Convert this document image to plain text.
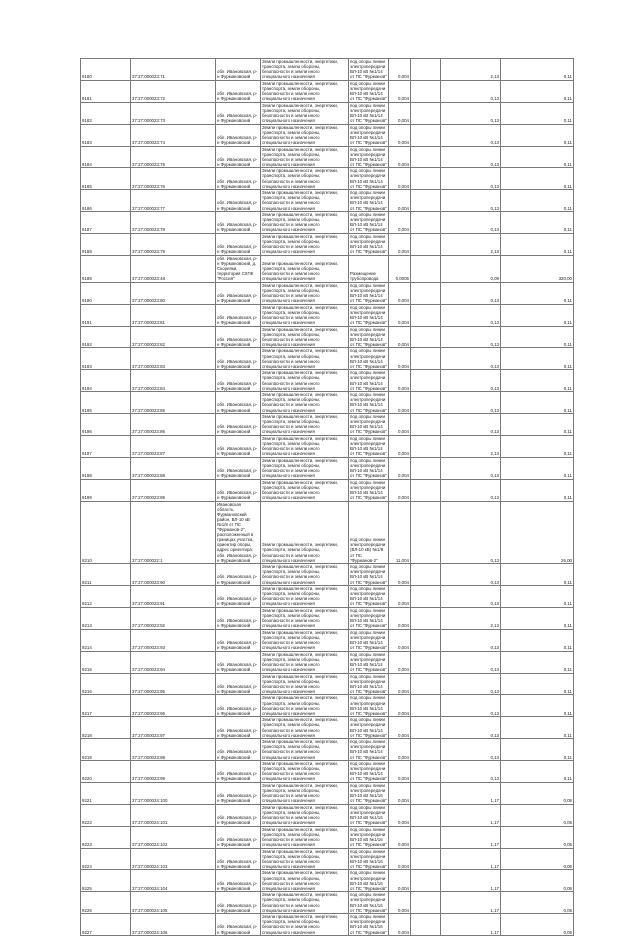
9180	37:27:000023:71	обл. Ивановская, р-н Фурмановский	Земли промышленности, энергетики, транспорта, земли обороны, безопасности и земли иного специального назначения	под опоры линии электропередачи ВЛ-10 кВ №1/14 от ПС "Фурманов"	0,004		2,13	0,11
9181	37:27:000023:72	обл. Ивановская, р-н Фурмановский	Земли промышленности, энергетики, транспорта, земли обороны, безопасности и земли иного специального назначения	под опоры линии электропередачи ВЛ-10 кВ №1/14 от ПС "Фурманов"	0,004		0,13	0,11
9182	37:27:000023:73	обл. Ивановская, р-н Фурмановский	Земли промышленности, энергетики, транспорта, земли обороны, безопасности и земли иного специального назначения	под опоры линии электропередачи ВЛ-10 кВ №1/14 от ПС "Фурманов"	0,004		0,13	0,11
9183	37:27:000023:74	обл. Ивановская, р-н Фурмановский	Земли промышленности, энергетики, транспорта, земли обороны, безопасности и земли иного специального назначения	под опоры линии электропередачи ВЛ-10 кВ №1/14 от ПС "Фурманов"	0,004		0,13	0,11
9184	37:27:000023:75	обл. Ивановская, р-н Фурмановский	Земли промышленности, энергетики, транспорта, земли обороны, безопасности и земли иного специального назначения	под опоры линии электропередачи ВЛ-10 кВ №1/14 от ПС "Фурманов"	0,004		0,13	0,11
9185	37:27:000023:76	обл. Ивановская, р-н Фурмановский	Земли промышленности, энергетики, транспорта, земли обороны, безопасности и земли иного специального назначения	под опоры линии электропередачи ВЛ-10 кВ №1/14 от ПС "Фурманов"	0,004		0,13	0,11
9186	37:27:000023:77	обл. Ивановская, р-н Фурмановский	Земли промышленности, энергетики, транспорта, земли обороны, безопасности и земли иного специального назначения	под опоры линии электропередачи ВЛ-10 кВ №1/14 от ПС "Фурманов"	0,004		0,13	0,11
9187	37:27:000023:78	обл. Ивановская, р-н Фурмановский	Земли промышленности, энергетики, транспорта, земли обороны, безопасности и земли иного специального назначения	под опоры линии электропередачи ВЛ-10 кВ №1/14 от ПС "Фурманов"	0,004		0,13	0,11
9188	37:27:000023:79	обл. Ивановская, р-н Фурмановский	Земли промышленности, энергетики, транспорта, земли обороны, безопасности и земли иного специального назначения	под опоры линии электропередачи ВЛ-10 кВ №1/14 от ПС "Фурманов"	0,004		2,13	0,11
9189	37:27:000023:48	обл. Ивановская, р-н Фурмановский, д. Скорняки, территория СХПК "Россия"	Земли промышленности, энергетики, транспорта, земли обороны, безопасности и земли иного специального назначения	Размещение трубопровода	0,0005		0,09	320,00
9190	37:27:000023:80	обл. Ивановская, р-н Фурмановский	Земли промышленности, энергетики, транспорта, земли обороны, безопасности и земли иного специального назначения	под опоры линии электропередачи ВЛ-10 кВ №1/14 от ПС "Фурманов"	0,004		0,13	0,11
9191	37:27:000023:81	обл. Ивановская, р-н Фурмановский	Земли промышленности, энергетики, транспорта, земли обороны, безопасности и земли иного специального назначения	под опоры линии электропередачи ВЛ-10 кВ №1/14 от ПС "Фурманов"	0,004		0,13	0,11
9192	37:27:000023:82	обл. Ивановская, р-н Фурмановский	Земли промышленности, энергетики, транспорта, земли обороны, безопасности и земли иного специального назначения	под опоры линии электропередачи ВЛ-10 кВ №1/14 от ПС "Фурманов"	0,004		0,13	0,11
9193	37:27:000023:83	обл. Ивановская, р-н Фурмановский	Земли промышленности, энергетики, транспорта, земли обороны, безопасности и земли иного специального назначения	под опоры линии электропередачи ВЛ-10 кВ №1/14 от ПС "Фурманов"	0,004		0,13	0,11
9194	37:27:000023:84	обл. Ивановская, р-н Фурмановский	Земли промышленности, энергетики, транспорта, земли обороны, безопасности и земли иного специального назначения	под опоры линии электропередачи ВЛ-10 кВ №1/14 от ПС "Фурманов"	0,004		0,13	0,11
9195	37:27:000023:85	обл. Ивановская, р-н Фурмановский	Земли промышленности, энергетики, транспорта, земли обороны, безопасности и земли иного специального назначения	под опоры линии электропередачи ВЛ-10 кВ №1/14 от ПС "Фурманов"	0,004		0,13	0,11
9196	37:27:000023:86	обл. Ивановская, р-н Фурмановский	Земли промышленности, энергетики, транспорта, земли обороны, безопасности и земли иного специального назначения	под опоры линии электропередачи ВЛ-10 кВ №1/14 от ПС "Фурманов"	0,004		0,13	0,11
9197	37:27:000023:87	обл. Ивановская, р-н Фурмановский	Земли промышленности, энергетики, транспорта, земли обороны, безопасности и земли иного специального назначения	под опоры линии электропередачи ВЛ-10 кВ №1/14 от ПС "Фурманов"	0,004		2,13	0,11
9198	37:27:000023:88	обл. Ивановская, р-н Фурмановский	Земли промышленности, энергетики, транспорта, земли обороны, безопасности и земли иного специального назначения	под опоры линии электропередачи ВЛ-10 кВ №1/14 от ПС "Фурманов"	0,004		0,13	0,11
9199	37:27:000023:89	обл. Ивановская, р-н Фурмановский	Земли промышленности, энергетики, транспорта, земли обороны, безопасности и земли иного специального назначения	под опоры линии электропередачи ВЛ-10 кВ №1/14 от ПС "Фурманов"	0,004		0,13	0,11
9210	37:27:000022:1	Ивановская область, Фурмановский район, ВЛ-10 кВ №1/8 от ПС "Фурманов-2", расположенный в границах участка, ориентир опоры, адрес ориентира: обл. Ивановская, р-н Фурмановский	Земли промышленности, энергетики, транспорта, земли обороны, безопасности и земли иного специального назначения	под опоры линии электропередачи (ВЛ-10 кВ) №1/8 от ПС "Фурманов-2"	11,004		0,13	26,00
9211	37:27:000023:90	обл. Ивановская, р-н Фурмановский	Земли промышленности, энергетики, транспорта, земли обороны, безопасности и земли иного специального назначения	под опоры линии электропередачи ВЛ-10 кВ №1/14 от ПС "Фурманов"	0,004		0,13	0,11
9212	37:27:000023:91	обл. Ивановская, р-н Фурмановский	Земли промышленности, энергетики, транспорта, земли обороны, безопасности и земли иного специального назначения	под опоры линии электропередачи ВЛ-10 кВ №1/14 от ПС "Фурманов"	0,004		0,13	0,11
9213	37:27:000023:92	обл. Ивановская, р-н Фурмановский	Земли промышленности, энергетики, транспорта, земли обороны, безопасности и земли иного специального назначения	под опоры линии электропередачи ВЛ-10 кВ №1/14 от ПС "Фурманов"	0,004		2,13	0,11
9214	37:27:000023:93	обл. Ивановская, р-н Фурмановский	Земли промышленности, энергетики, транспорта, земли обороны, безопасности и земли иного специального назначения	под опоры линии электропередачи ВЛ-10 кВ №1/14 от ПС "Фурманов"	0,004		0,13	0,11
9215	37:27:000023:94	обл. Ивановская, р-н Фурмановский	Земли промышленности, энергетики, транспорта, земли обороны, безопасности и земли иного специального назначения	под опоры линии электропередачи ВЛ-10 кВ №1/14 от ПС "Фурманов"	0,004		0,13	0,11
9216	37:27:000023:95	обл. Ивановская, р-н Фурмановский	Земли промышленности, энергетики, транспорта, земли обороны, безопасности и земли иного специального назначения	под опоры линии электропередачи ВЛ-10 кВ №1/14 от ПС "Фурманов"	0,004		0,13	0,11
9217	37:27:000023:96	обл. Ивановская, р-н Фурмановский	Земли промышленности, энергетики, транспорта, земли обороны, безопасности и земли иного специального назначения	под опоры линии электропередачи ВЛ-10 кВ №1/14 от ПС "Фурманов"	0,004		0,13	0,11
9218	37:27:000023:97	обл. Ивановская, р-н Фурмановский	Земли промышленности, энергетики, транспорта, земли обороны, безопасности и земли иного специального назначения	под опоры линии электропередачи ВЛ-10 кВ №1/14 от ПС "Фурманов"	0,004		0,13	0,11
9219	37:27:000023:98	обл. Ивановская, р-н Фурмановский	Земли промышленности, энергетики, транспорта, земли обороны, безопасности и земли иного специального назначения	под опоры линии электропередачи ВЛ-10 кВ №1/14 от ПС "Фурманов"	0,004		0,13	0,11
9220	37:27:000023:99	обл. Ивановская, р-н Фурмановский	Земли промышленности, энергетики, транспорта, земли обороны, безопасности и земли иного специального назначения	под опоры линии электропередачи ВЛ-10 кВ №1/14 от ПС "Фурманов"	0,004		0,13	0,11
9221	37:27:000024:100	обл. Ивановская, р-н Фурмановский	Земли промышленности, энергетики, транспорта, земли обороны, безопасности и земли иного специального назначения	под опоры линии электропередачи ВЛ-10 кВ №1/16 от ПС "Фурманов"	0,004		1,17	0,05
9222	37:27:000024:101	обл. Ивановская, р-н Фурмановский	Земли промышленности, энергетики, транспорта, земли обороны, безопасности и земли иного специального назначения	под опоры линии электропередачи ВЛ-10 кВ №1/16 от ПС "Фурманов"	0,004		1,17	0,05
9223	37:27:000024:102	обл. Ивановская, р-н Фурмановский	Земли промышленности, энергетики, транспорта, земли обороны, безопасности и земли иного специального назначения	под опоры линии электропередачи ВЛ-10 кВ №1/16 от ПС "Фурманов"	0,004		1,17	0,05
9224	37:27:000024:103	обл. Ивановская, р-н Фурмановский	Земли промышленности, энергетики, транспорта, земли обороны, безопасности и земли иного специального назначения	под опоры линии электропередачи ВЛ-10 кВ №1/16 от ПС "Фурманов"	0,004		1,17	0,05
9225	37:27:000024:104	обл. Ивановская, р-н Фурмановский	Земли промышленности, энергетики, транспорта, земли обороны, безопасности и земли иного специального назначения	под опоры линии электропередачи ВЛ-10 кВ №1/16 от ПС "Фурманов"	0,004		1,17	0,05
9226	37:27:000024:105	обл. Ивановская, р-н Фурмановский	Земли промышленности, энергетики, транспорта, земли обороны, безопасности и земли иного специального назначения	под опоры линии электропередачи ВЛ-10 кВ №1/16 от ПС "Фурманов"	0,004		1,17	0,05
9227	37:27:000024:106	обл. Ивановская, р-н Фурмановский	Земли промышленности, энергетики, транспорта, земли обороны, безопасности и земли иного специального назначения	под опоры линии электропередачи ВЛ-10 кВ №1/16 от ПС "Фурманов"	0,004		1,17	0,05
